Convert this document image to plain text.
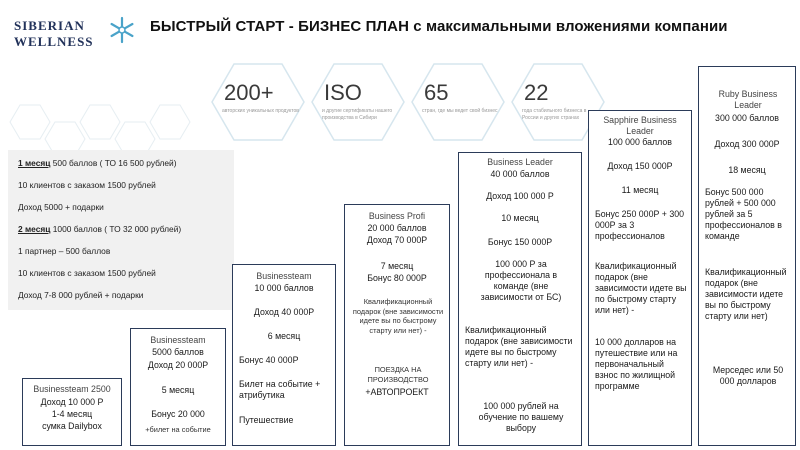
SIBERIAN
WELLNESS
БЫСТРЫЙ СТАРТ - БИЗНЕС ПЛАН с максимальными вложениями компании
200+
авторских уникальных продуктов
ISO
и другие сертификаты нашего производства в Сибири
65
стран, где мы ведет свой бизнес
22
года стабильного бизнеса в России и других странах
1 месяц 500 баллов ( ТО 16 500 рублей)
10 клиентов с заказом 1500 рублей
Доход 5000 + подарки
2 месяц 1000 баллов ( ТО 32 000 рублей)
1 партнер – 500 баллов
10 клиентов с заказом 1500 рублей
Доход 7-8 000 рублей + подарки
Businessteam 2500
Доход 10 000 Р
1-4 месяц
сумка Dailybox
Businessteam
5000 баллов
Доход 20 000Р
5 месяц
Бонус 20 000
+билет на событие
Businessteam
10 000 баллов
Доход 40 000Р
6 месяц
Бонус 40 000Р
Билет на событие + атрибутика
Путешествие
Business Profi
20 000 баллов
Доход 70 000Р
7 месяц
Бонус 80 000Р
Квалификационный подарок (вне зависимости идете вы по быстрому старту или нет) -
ПОЕЗДКА НА ПРОИЗВОДСТВО
+АВТОПРОЕКТ
Business Leader
40 000 баллов
Доход 100 000 Р
10 месяц
Бонус 150 000Р
100 000 Р за профессионала в команде (вне зависимости от БС)
Квалификационный подарок (вне зависимости идете вы по быстрому старту или нет) -
100 000 рублей на обучение по вашему выбору
Sapphire Business Leader
100 000 баллов
Доход 150 000Р
11 месяц
Бонус 250 000Р + 300 000Р за 3 профессионалов
Квалификационный подарок (вне зависимости идете вы по быстрому старту или нет) -
10 000 долларов на путешествие или на первоначальный взнос по жилищной программе
Ruby Business Leader
300 000 баллов
Доход 300 000Р
18 месяц
Бонус 500 000 рублей + 500 000 рублей за 5 профессионалов в команде
Квалификационный подарок (вне зависимости идете вы по быстрому старту или нет)
Мерседес или 50 000 долларов
